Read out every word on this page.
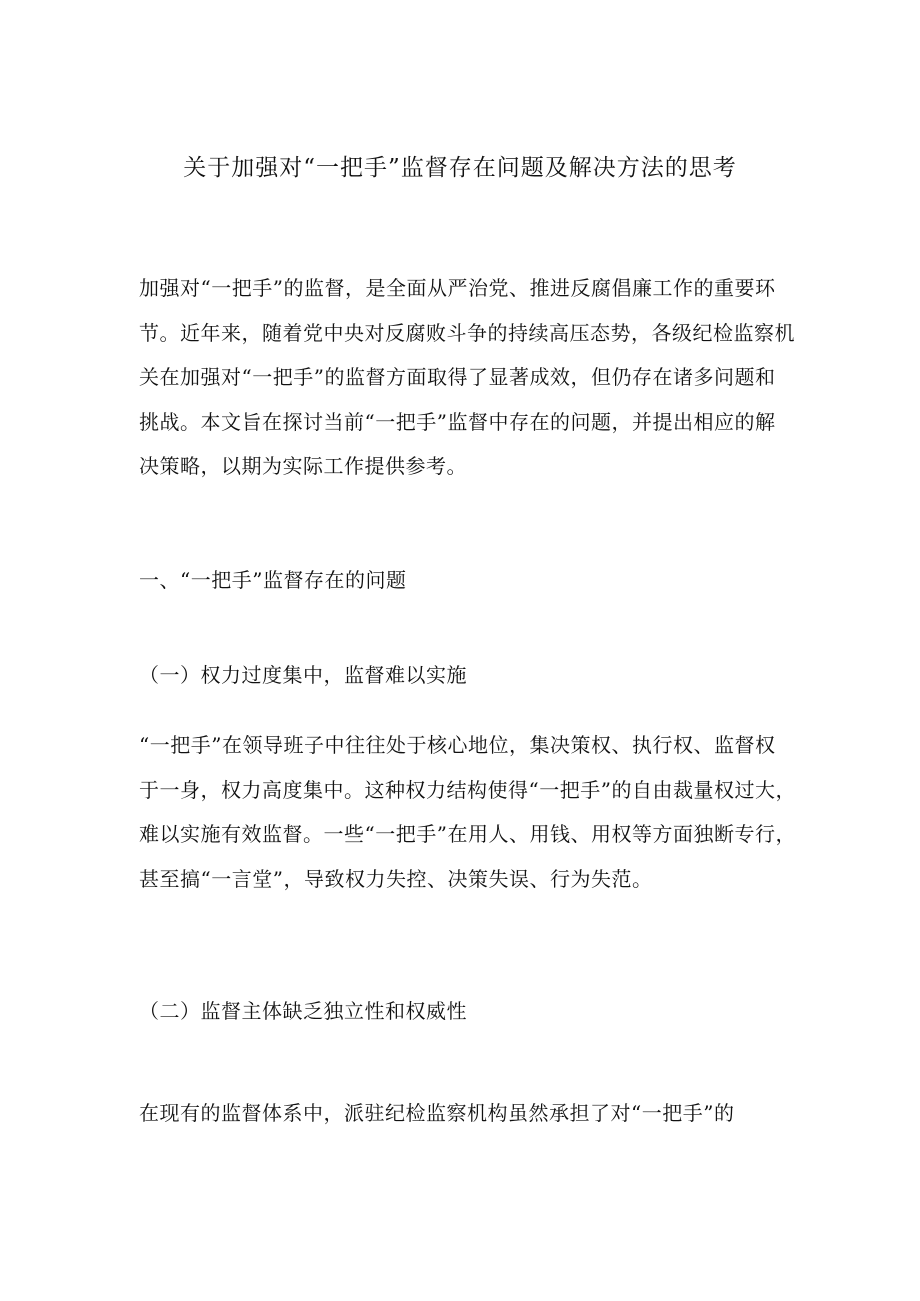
关于加强对“一把手”监督存在问题及解决方法的思考
加强对“一把手”的监督，是全面从严治党、推进反腐倡廉工作的重要环
节。近年来，随着党中央对反腐败斗争的持续高压态势，各级纪检监察机
关在加强对“一把手”的监督方面取得了显著成效，但仍存在诸多问题和
挑战。本文旨在探讨当前“一把手”监督中存在的问题，并提出相应的解
决策略，以期为实际工作提供参考。
一、“一把手”监督存在的问题
（一）权力过度集中，监督难以实施
“一把手”在领导班子中往往处于核心地位，集决策权、执行权、监督权
于一身，权力高度集中。这种权力结构使得“一把手”的自由裁量权过大，
难以实施有效监督。一些“一把手”在用人、用钱、用权等方面独断专行，
甚至搞“一言堂”，导致权力失控、决策失误、行为失范。
（二）监督主体缺乏独立性和权威性
在现有的监督体系中，派驻纪检监察机构虽然承担了对“一把手”的
